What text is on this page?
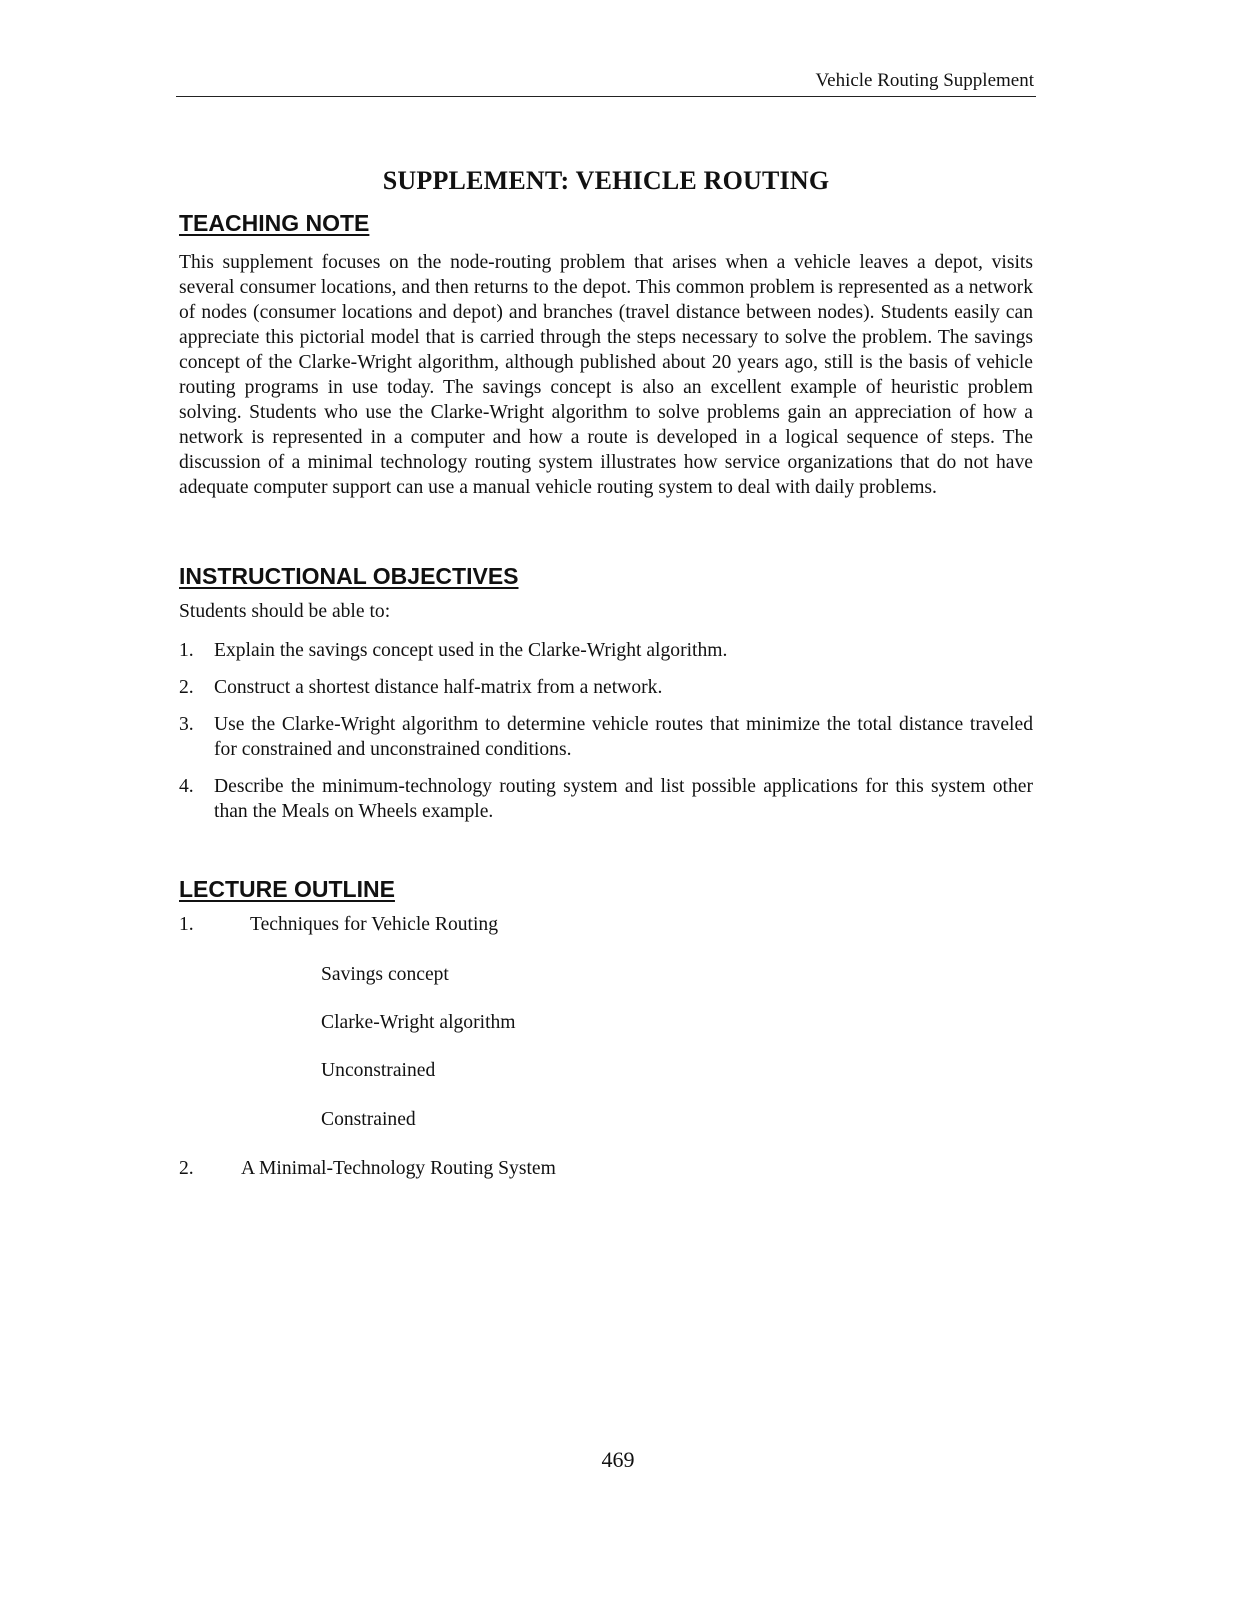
Vehicle Routing Supplement
SUPPLEMENT: VEHICLE ROUTING
TEACHING NOTE

This supplement focuses on the node-routing problem that arises when a vehicle leaves a depot, visits several consumer locations, and then returns to the depot. This common problem is represented as a network of nodes (consumer locations and depot) and branches (travel distance between nodes). Students easily can appreciate this pictorial model that is carried through the steps necessary to solve the problem. The savings concept of the Clarke-Wright algorithm, although published about 20 years ago, still is the basis of vehicle routing programs in use today. The savings concept is also an excellent example of heuristic problem solving. Students who use the Clarke-Wright algorithm to solve problems gain an appreciation of how a network is represented in a computer and how a route is developed in a logical sequence of steps. The discussion of a minimal technology routing system illustrates how service organizations that do not have adequate computer support can use a manual vehicle routing system to deal with daily problems.

INSTRUCTIONAL OBJECTIVES
Students should be able to:
1. Explain the savings concept used in the Clarke-Wright algorithm.
2. Construct a shortest distance half-matrix from a network.
3. Use the Clarke-Wright algorithm to determine vehicle routes that minimize the total distance traveled for constrained and unconstrained conditions.
4. Describe the minimum-technology routing system and list possible applications for this system other than the Meals on Wheels example.
LECTURE OUTLINE
1.	Techniques for Vehicle Routing
Savings concept
Clarke-Wright algorithm
Unconstrained
Constrained
2. A Minimal-Technology Routing System
469
